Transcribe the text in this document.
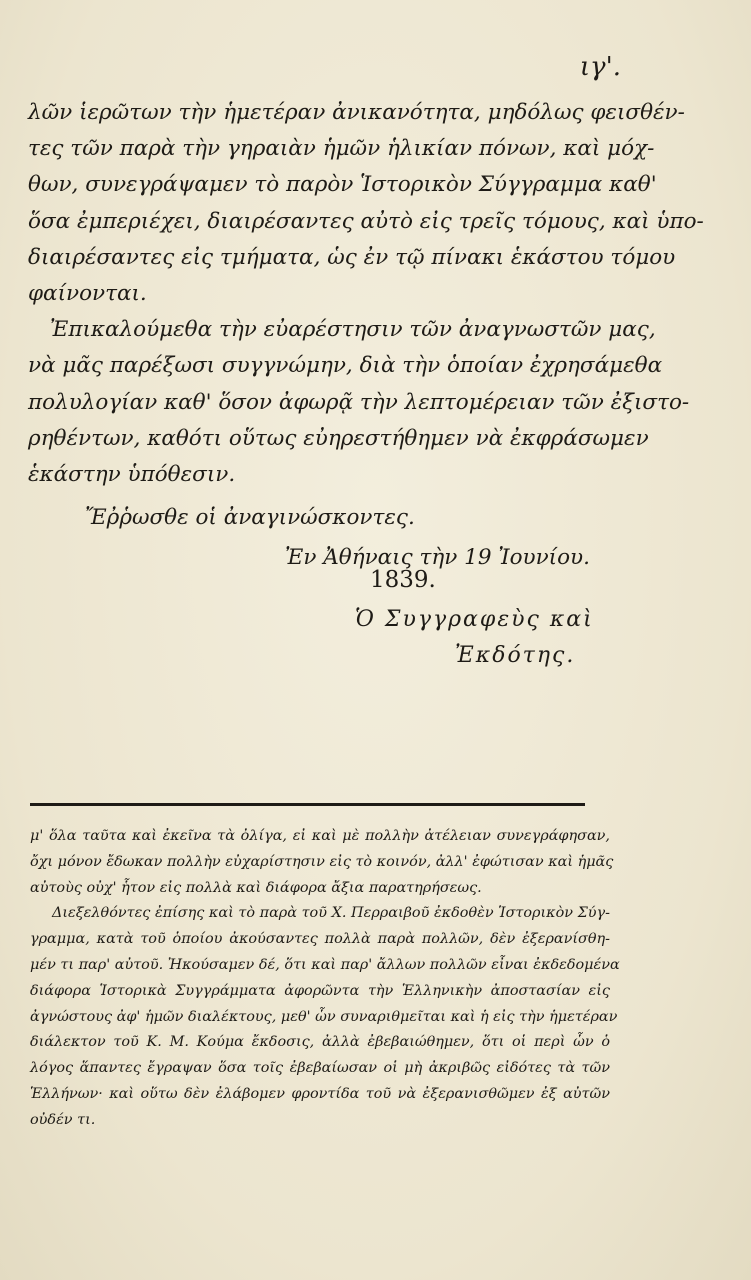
ιγ'.
λῶν ἱερῶτων τὴν ἡμετέραν ἀνικανότητα, μηδόλως φεισθέν-
τες τῶν παρὰ τὴν γηραιὰν ἡμῶν ἡλικίαν πόνων, καὶ μόχ-
θων, συνεγράψαμεν τὸ παρὸν Ἱστορικὸν Σύγγραμμα καθ'
ὅσα ἐμπεριέχει, διαιρέσαντες αὐτὸ εἰς τρεῖς τόμους, καὶ ὑπο-
διαιρέσαντες εἰς τμήματα, ὡς ἐν τῷ πίνακι ἑκάστου τόμου
φαίνονται.
Ἐπικαλούμεθα τὴν εὐαρέστησιν τῶν ἀναγνωστῶν μας,
νὰ μᾶς παρέξωσι συγγνώμην, διὰ τὴν ὁποίαν ἐχρησάμεθα
πολυλογίαν καθ' ὅσον ἀφωρᾷ τὴν λεπτομέρειαν τῶν ἐξιστο-
ρηθέντων, καθότι οὕτως εὐηρεστήθημεν νὰ ἐκφράσωμεν
ἑκάστην ὑπόθεσιν.
Ἔῤῥωσθε οἱ ἀναγινώσκοντες.
Ἐν Ἀθήναις τὴν 19 Ἰουνίου.
1839.
Ὁ Συγγραφεὺς καὶ
Ἐκδότης.
μ' ὅλα ταῦτα καὶ ἐκεῖνα τὰ ὀλίγα, εἰ καὶ μὲ πολλὴν ἀτέλειαν συνεγράφησαν,
ὄχι μόνον ἔδωκαν πολλὴν εὐχαρίστησιν εἰς τὸ κοινόν, ἀλλ' ἐφώτισαν καὶ ἡμᾶς
αὐτοὺς οὐχ' ἧτον εἰς πολλὰ καὶ διάφορα ἄξια παρατηρήσεως.
Διεξελθόντες ἐπίσης καὶ τὸ παρὰ τοῦ Χ. Περραιβοῦ ἐκδοθὲν Ἱστορικὸν Σύγ-
γραμμα, κατὰ τοῦ ὁποίου ἀκούσαντες πολλὰ παρὰ πολλῶν, δὲν ἐξερανίσθη-
μέν τι παρ' αὐτοῦ. Ἠκούσαμεν δέ, ὅτι καὶ παρ' ἄλλων πολλῶν εἶναι ἐκδεδομένα
διάφορα Ἱστορικὰ Συγγράμματα ἀφορῶντα τὴν Ἑλληνικὴν ἀποστασίαν εἰς
ἀγνώστους ἀφ' ἡμῶν διαλέκτους, μεθ' ὧν συναριθμεῖται καὶ ἡ εἰς τὴν ἡμετέραν
διάλεκτον τοῦ Κ. Μ. Κούμα ἔκδοσις, ἀλλὰ ἐβεβαιώθημεν, ὅτι οἱ περὶ ὧν ὁ
λόγος ἅπαντες ἔγραψαν ὅσα τοῖς ἐβεβαίωσαν οἱ μὴ ἀκριβῶς εἰδότες τὰ τῶν
Ἑλλήνων· καὶ οὕτω δὲν ἐλάβομεν φροντίδα τοῦ νὰ ἐξερανισθῶμεν ἐξ αὐτῶν
οὐδέν τι.
